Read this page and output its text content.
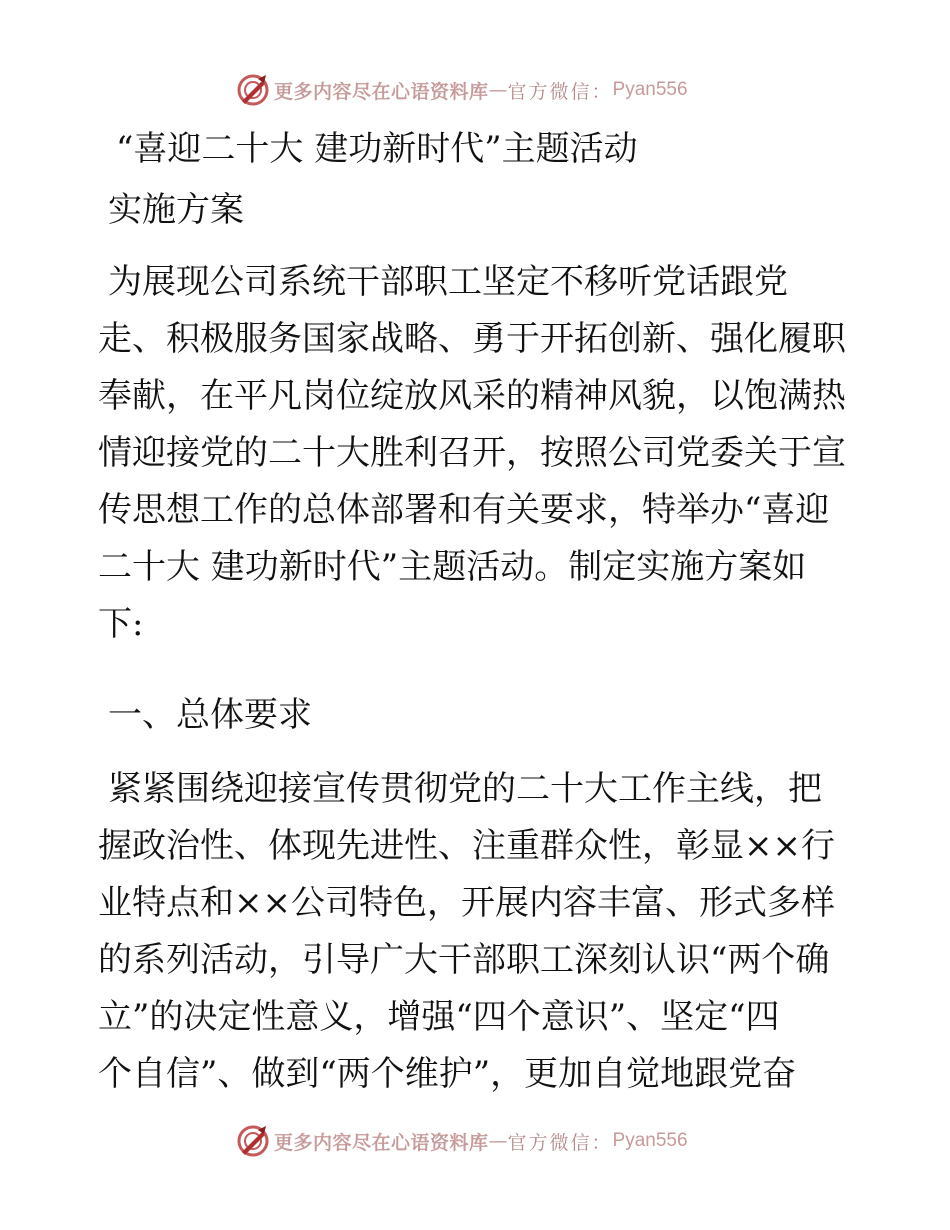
更多内容尽在心语资料库 — 官方微信： Pyan556
“喜迎二十大 建功新时代”主题活动
实施方案
为展现公司系统干部职工坚定不移听党话跟党
走、积极服务国家战略、勇于开拓创新、强化履职
奉献，在平凡岗位绽放风采的精神风貌，以饱满热
情迎接党的二十大胜利召开，按照公司党委关于宣
传思想工作的总体部署和有关要求，特举办“喜迎
二十大 建功新时代”主题活动。制定实施方案如
下:
一、总体要求
紧紧围绕迎接宣传贯彻党的二十大工作主线，把
握政治性、体现先进性、注重群众性，彰显××行
业特点和××公司特色，开展内容丰富、形式多样
的系列活动，引导广大干部职工深刻认识“两个确
立”的决定性意义，增强“四个意识”、坚定“四
个自信”、做到“两个维护”，更加自觉地跟党奋
更多内容尽在心语资料库 — 官方微信： Pyan556
